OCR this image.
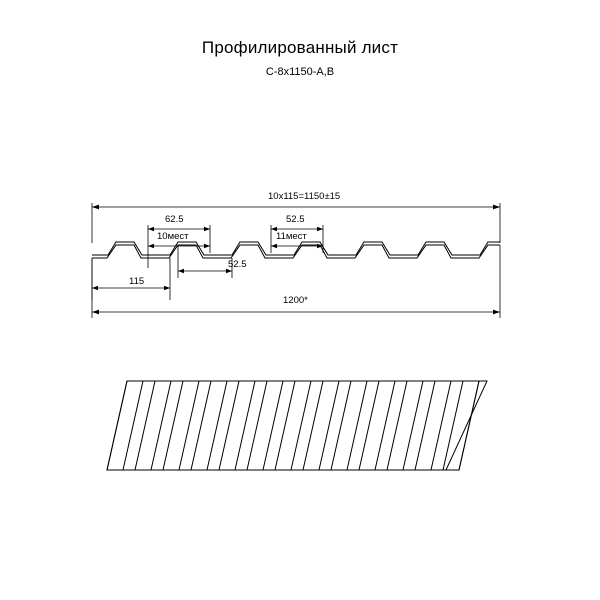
Профилированный лист
С-8х1150-А,В
10х115=1150±15
62.5
10мест
52.5
11мест
115
52.5
1200*
